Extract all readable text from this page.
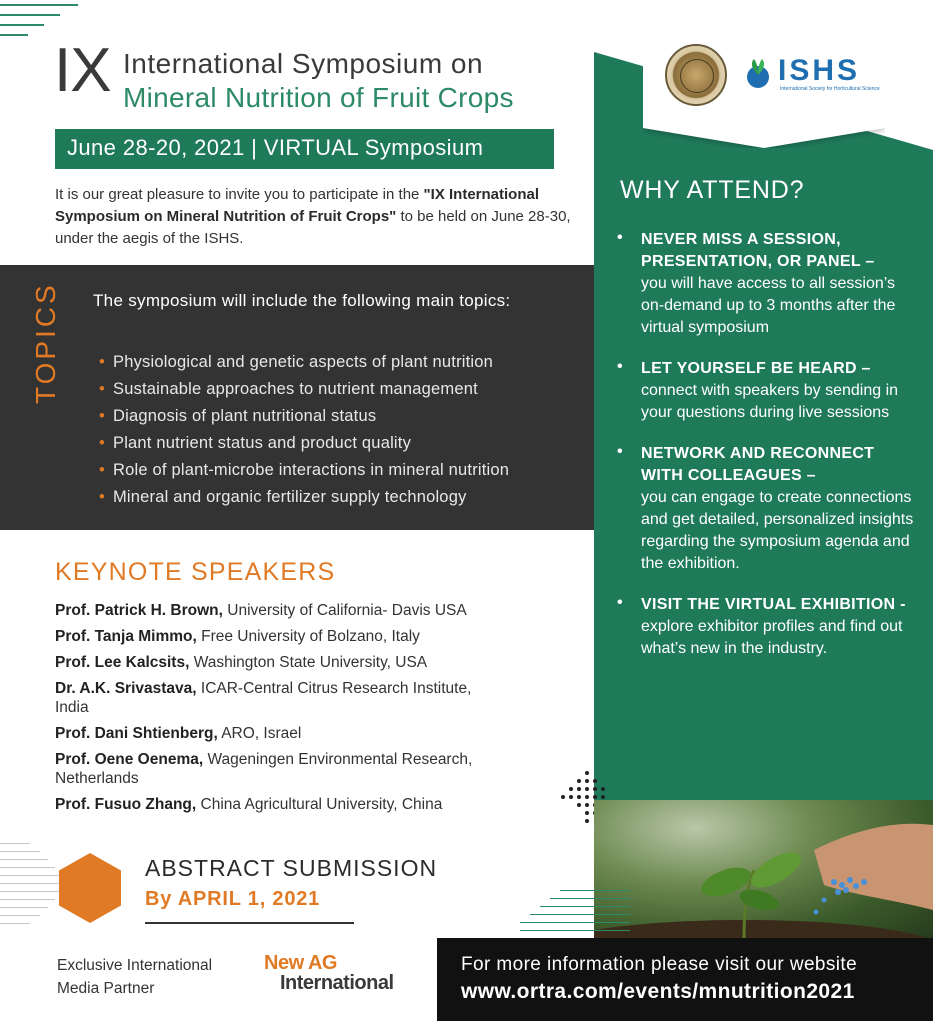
IX International Symposium on
Mineral Nutrition of Fruit Crops
June 28-20, 2021 | VIRTUAL Symposium

It is our great pleasure to invite you to participate in the "IX International Symposium on Mineral Nutrition of Fruit Crops" to be held on June 28-30, under the aegis of the ISHS.

TOPICS The symposium will include the following main topics:
• Physiological and genetic aspects of plant nutrition
• Sustainable approaches to nutrient management
• Diagnosis of plant nutritional status
• Plant nutrient status and product quality
• Role of plant-microbe interactions in mineral nutrition
• Mineral and organic fertilizer supply technology
KEYNOTE SPEAKERS
Prof. Patrick H. Brown, University of California- Davis USA
Prof. Tanja Mimmo, Free University of Bolzano, Italy
Prof. Lee Kalcsits, Washington State University, USA
Dr. A.K. Srivastava, ICAR-Central Citrus Research Institute, India
Prof. Dani Shtienberg, ARO, Israel
Prof. Oene Oenema, Wageningen Environmental Research, Netherlands
Prof. Fusuo Zhang, China Agricultural University, China
ABSTRACT SUBMISSION
By APRIL 1, 2021
Exclusive International
Media Partner
New AG
International
ISHS
International Society for Horticultural Science
WHY ATTEND?
• NEVER MISS A SESSION, PRESENTATION, OR PANEL –
you will have access to all session’s on-demand up to 3 months after the virtual symposium
• LET YOURSELF BE HEARD –
connect with speakers by sending in your questions during live sessions
• NETWORK AND RECONNECT WITH COLLEAGUES –
you can engage to create connections and get detailed, personalized insights regarding the symposium agenda and the exhibition.
• VISIT THE VIRTUAL EXHIBITION -
explore exhibitor profiles and find out what’s new in the industry.
For more information please visit our website
www.ortra.com/events/mnutrition2021
